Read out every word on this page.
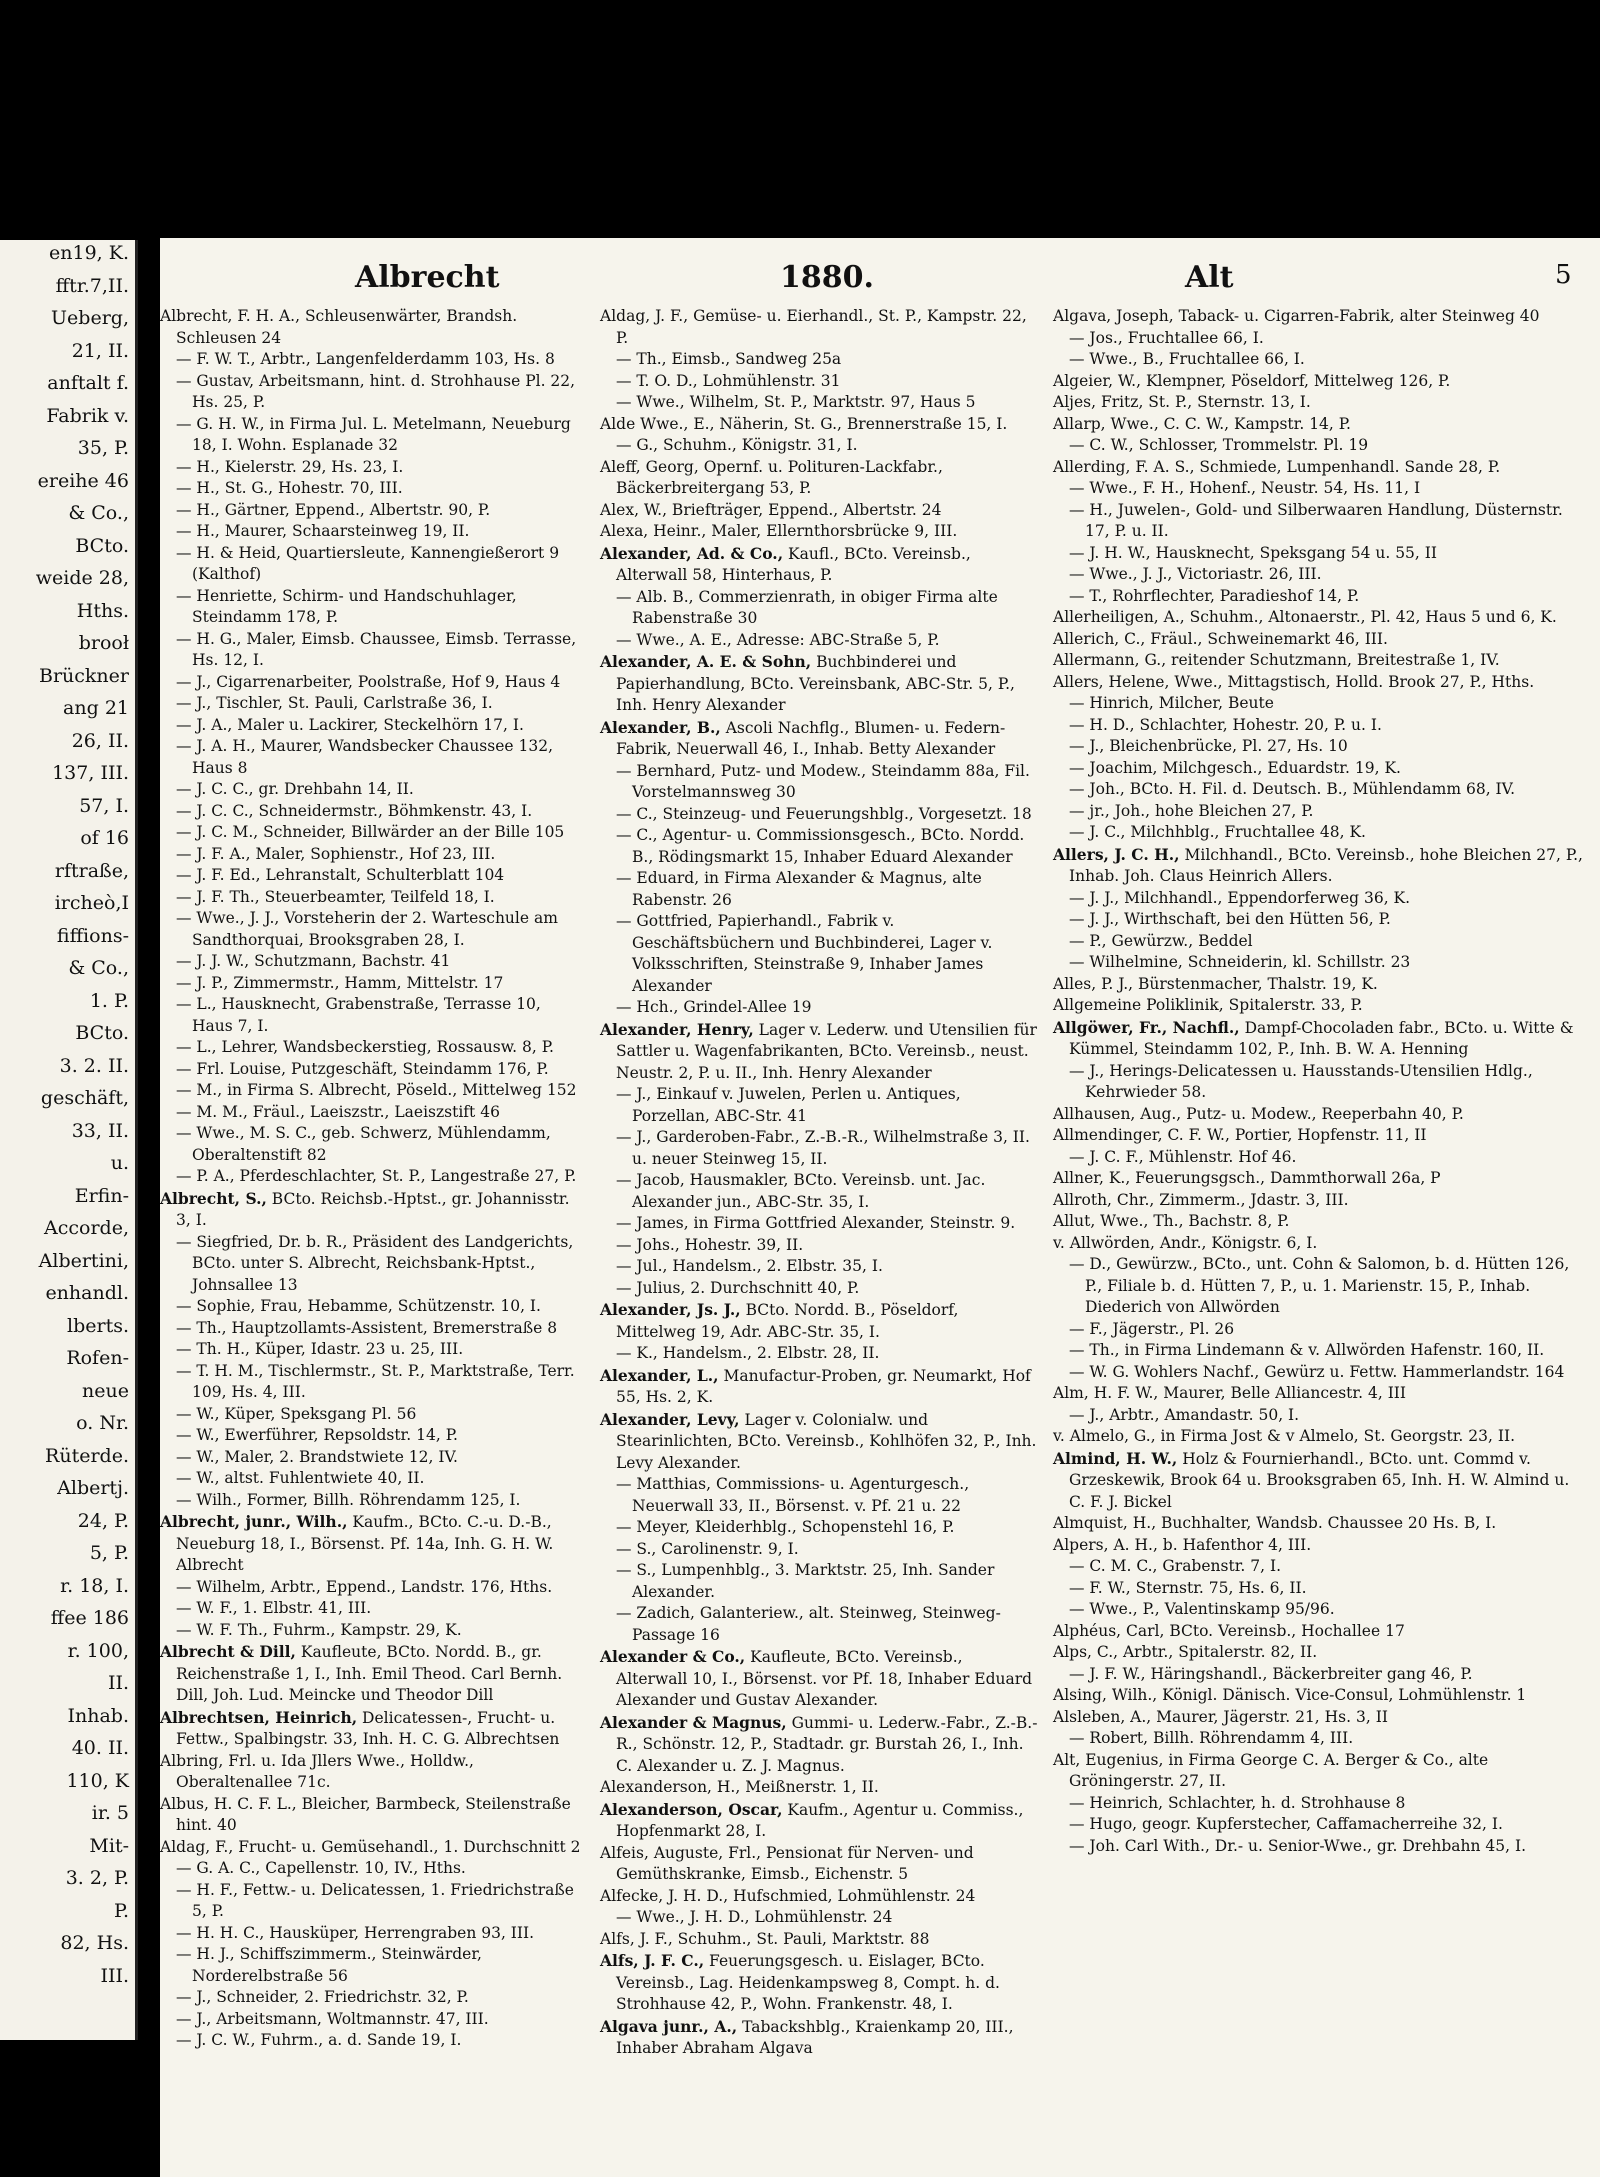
en19, K.
fftr.7,II.
Ueberg,
21, II.
anftalt f.
Fabrik v.
35, P.
ereihe 46
& Co.,
BCto.
weide 28,
Hths.
brooł
Brückner
ang 21
26, II.
137, III.
57, I.
of 16
rftraße,
ircheò,I
fiffions-
& Co.,
1. P.
BCto.
3. 2. II.
geschäft,
33, II.
u.
Erfin-
Accorde,
Albertini,
enhandl.
lberts.
Rofen-
neue
o. Nr.
Rüterde.
Albertj.
24, P.
5, P.
r. 18, I.
ffee 186
r. 100,
II.
Inhab.
40. II.
110, K
ir. 5
Mit-
3. 2, P.
P.
82, Hs.
III.
Albrecht	1880.	Alt	5
Albrecht, F. H. A., Schleusenwärter, Brandsh. Schleusen 24
— F. W. T., Arbtr., Langenfelderdamm 103, Hs. 8
— Gustav, Arbeitsmann, hint. d. Strohhause Pl. 22, Hs. 25, P.
— G. H. W., in Firma Jul. L. Metelmann, Neueburg 18, I. Wohn. Esplanade 32
— H., Kielerstr. 29, Hs. 23, I.
— H., St. G., Hohestr. 70, III.
— H., Gärtner, Eppend., Albertstr. 90, P.
— H., Maurer, Schaarsteinweg 19, II.
— H. & Heid, Quartiersleute, Kannengießerort 9 (Kalthof)
— Henriette, Schirm- und Handschuhlager, Steindamm 178, P.
— H. G., Maler, Eimsb. Chaussee, Eimsb. Terrasse, Hs. 12, I.
— J., Cigarrenarbeiter, Poolstraße, Hof 9, Haus 4
— J., Tischler, St. Pauli, Carlstraße 36, I.
— J. A., Maler u. Lackirer, Steckelhörn 17, I.
— J. A. H., Maurer, Wandsbecker Chaussee 132, Haus 8
— J. C. C., gr. Drehbahn 14, II.
— J. C. C., Schneidermstr., Böhmkenstr. 43, I.
— J. C. M., Schneider, Billwärder an der Bille 105
— J. F. A., Maler, Sophienstr., Hof 23, III.
— J. F. Ed., Lehranstalt, Schulterblatt 104
— J. F. Th., Steuerbeamter, Teilfeld 18, I.
— Wwe., J. J., Vorsteherin der 2. Warteschule am Sandthorquai, Brooksgraben 28, I.
— J. J. W., Schutzmann, Bachstr. 41
— J. P., Zimmermstr., Hamm, Mittelstr. 17
— L., Hausknecht, Grabenstraße, Terrasse 10, Haus 7, I.
— L., Lehrer, Wandsbeckerstieg, Rossausw. 8, P.
— Frl. Louise, Putzgeschäft, Steindamm 176, P.
— M., in Firma S. Albrecht, Pöseld., Mittelweg 152
— M. M., Fräul., Laeiszstr., Laeiszstift 46
— Wwe., M. S. C., geb. Schwerz, Mühlendamm, Oberaltenstift 82
— P. A., Pferdeschlachter, St. P., Langestraße 27, P.
Albrecht, S., BCto. Reichsb.-Hptst., gr. Johannisstr. 3, I.
— Siegfried, Dr. b. R., Präsident des Landgerichts, BCto. unter S. Albrecht, Reichsbank-Hptst., Johnsallee 13
— Sophie, Frau, Hebamme, Schützenstr. 10, I.
— Th., Hauptzollamts-Assistent, Bremerstraße 8
— Th. H., Küper, Idastr. 23 u. 25, III.
— T. H. M., Tischlermstr., St. P., Marktstraße, Terr. 109, Hs. 4, III.
— W., Küper, Speksgang Pl. 56
— W., Ewerführer, Repsoldstr. 14, P.
— W., Maler, 2. Brandstwiete 12, IV.
— W., altst. Fuhlentwiete 40, II.
— Wilh., Former, Billh. Röhrendamm 125, I.
Albrecht, junr., Wilh., Kaufm., BCto. C.-u. D.-B., Neueburg 18, I., Börsenst. Pf. 14a, Inh. G. H. W. Albrecht
— Wilhelm, Arbtr., Eppend., Landstr. 176, Hths.
— W. F., 1. Elbstr. 41, III.
— W. F. Th., Fuhrm., Kampstr. 29, K.
Albrecht & Dill, Kaufleute, BCto. Nordd. B., gr. Reichenstraße 1, I., Inh. Emil Theod. Carl Bernh. Dill, Joh. Lud. Meincke und Theodor Dill
Albrechtsen, Heinrich, Delicatessen-, Frucht- u. Fettw., Spalbingstr. 33, Inh. H. C. G. Albrechtsen
Albring, Frl. u. Ida Jllers Wwe., Holldw., Oberaltenallee 71c.
Albus, H. C. F. L., Bleicher, Barmbeck, Steilenstraße hint. 40
Aldag, F., Frucht- u. Gemüsehandl., 1. Durchschnitt 2
— G. A. C., Capellenstr. 10, IV., Hths.
— H. F., Fettw.- u. Delicatessen, 1. Friedrichstraße 5, P.
— H. H. C., Hausküper, Herrengraben 93, III.
— H. J., Schiffszimmerm., Steinwärder, Norderelbstraße 56
— J., Schneider, 2. Friedrichstr. 32, P.
— J., Arbeitsmann, Woltmannstr. 47, III.
— J. C. W., Fuhrm., a. d. Sande 19, I.
Aldag, J. F., Gemüse- u. Eierhandl., St. P., Kampstr. 22, P.
— Th., Eimsb., Sandweg 25a
— T. O. D., Lohmühlenstr. 31
— Wwe., Wilhelm, St. P., Marktstr. 97, Haus 5
Alde Wwe., E., Näherin, St. G., Brennerstraße 15, I.
— G., Schuhm., Königstr. 31, I.
Aleff, Georg, Opernf. u. Polituren-Lackfabr., Bäckerbreitergang 53, P.
Alex, W., Briefträger, Eppend., Albertstr. 24
Alexa, Heinr., Maler, Ellernthorsbrücke 9, III.
Alexander, Ad. & Co., Kaufl., BCto. Vereinsb., Alterwall 58, Hinterhaus, P.
— Alb. B., Commerzienrath, in obiger Firma alte Rabenstraße 30
— Wwe., A. E., Adresse: ABC-Straße 5, P.
Alexander, A. E. & Sohn, Buchbinderei und Papierhandlung, BCto. Vereinsbank, ABC-Str. 5, P., Inh. Henry Alexander
Alexander, B., Ascoli Nachflg., Blumen- u. Federn-Fabrik, Neuerwall 46, I., Inhab. Betty Alexander
— Bernhard, Putz- und Modew., Steindamm 88a, Fil. Vorstelmannsweg 30
— C., Steinzeug- und Feuerungshblg., Vorgesetzt. 18
— C., Agentur- u. Commissionsgesch., BCto. Nordd. B., Rödingsmarkt 15, Inhaber Eduard Alexander
— Eduard, in Firma Alexander & Magnus, alte Rabenstr. 26
— Gottfried, Papierhandl., Fabrik v. Geschäftsbüchern und Buchbinderei, Lager v. Volksschriften, Steinstraße 9, Inhaber James Alexander
— Hch., Grindel-Allee 19
Alexander, Henry, Lager v. Lederw. und Utensilien für Sattler u. Wagenfabrikanten, BCto. Vereinsb., neust. Neustr. 2, P. u. II., Inh. Henry Alexander
— J., Einkauf v. Juwelen, Perlen u. Antiques, Porzellan, ABC-Str. 41
— J., Garderoben-Fabr., Z.-B.-R., Wilhelmstraße 3, II. u. neuer Steinweg 15, II.
— Jacob, Hausmakler, BCto. Vereinsb. unt. Jac. Alexander jun., ABC-Str. 35, I.
— James, in Firma Gottfried Alexander, Steinstr. 9.
— Johs., Hohestr. 39, II.
— Jul., Handelsm., 2. Elbstr. 35, I.
— Julius, 2. Durchschnitt 40, P.
Alexander, Js. J., BCto. Nordd. B., Pöseldorf, Mittelweg 19, Adr. ABC-Str. 35, I.
— K., Handelsm., 2. Elbstr. 28, II.
Alexander, L., Manufactur-Proben, gr. Neumarkt, Hof 55, Hs. 2, K.
Alexander, Levy, Lager v. Colonialw. und Stearinlichten, BCto. Vereinsb., Kohlhöfen 32, P., Inh. Levy Alexander.
— Matthias, Commissions- u. Agenturgesch., Neuerwall 33, II., Börsenst. v. Pf. 21 u. 22
— Meyer, Kleiderhblg., Schopenstehl 16, P.
— S., Carolinenstr. 9, I.
— S., Lumpenhblg., 3. Marktstr. 25, Inh. Sander Alexander.
— Zadich, Galanteriew., alt. Steinweg, Steinweg-Passage 16
Alexander & Co., Kaufleute, BCto. Vereinsb., Alterwall 10, I., Börsenst. vor Pf. 18, Inhaber Eduard Alexander und Gustav Alexander.
Alexander & Magnus, Gummi- u. Lederw.-Fabr., Z.-B.-R., Schönstr. 12, P., Stadtadr. gr. Burstah 26, I., Inh. C. Alexander u. Z. J. Magnus.
Alexanderson, H., Meißnerstr. 1, II.
Alexanderson, Oscar, Kaufm., Agentur u. Commiss., Hopfenmarkt 28, I.
Alfeis, Auguste, Frl., Pensionat für Nerven- und Gemüthskranke, Eimsb., Eichenstr. 5
Alfecke, J. H. D., Hufschmied, Lohmühlenstr. 24
— Wwe., J. H. D., Lohmühlenstr. 24
Alfs, J. F., Schuhm., St. Pauli, Marktstr. 88
Alfs, J. F. C., Feuerungsgesch. u. Eislager, BCto. Vereinsb., Lag. Heidenkampsweg 8, Compt. h. d. Strohhause 42, P., Wohn. Frankenstr. 48, I.
Algava junr., A., Tabackshblg., Kraienkamp 20, III., Inhaber Abraham Algava
Algava, Joseph, Taback- u. Cigarren-Fabrik, alter Steinweg 40
— Jos., Fruchtallee 66, I.
— Wwe., B., Fruchtallee 66, I.
Algeier, W., Klempner, Pöseldorf, Mittelweg 126, P.
Aljes, Fritz, St. P., Sternstr. 13, I.
Allarp, Wwe., C. C. W., Kampstr. 14, P.
— C. W., Schlosser, Trommelstr. Pl. 19
Allerding, F. A. S., Schmiede, Lumpenhandl. Sande 28, P.
— Wwe., F. H., Hohenf., Neustr. 54, Hs. 11, I
— H., Juwelen-, Gold- und Silberwaaren Handlung, Düsternstr. 17, P. u. II.
— J. H. W., Hausknecht, Speksgang 54 u. 55, II
— Wwe., J. J., Victoriastr. 26, III.
— T., Rohrflechter, Paradieshof 14, P.
Allerheiligen, A., Schuhm., Altonaerstr., Pl. 42, Haus 5 und 6, K.
Allerich, C., Fräul., Schweinemarkt 46, III.
Allermann, G., reitender Schutzmann, Breitestraße 1, IV.
Allers, Helene, Wwe., Mittagstisch, Holld. Brook 27, P., Hths.
— Hinrich, Milcher, Beute
— H. D., Schlachter, Hohestr. 20, P. u. I.
— J., Bleichenbrücke, Pl. 27, Hs. 10
— Joachim, Milchgesch., Eduardstr. 19, K.
— Joh., BCto. H. Fil. d. Deutsch. B., Mühlendamm 68, IV.
— jr., Joh., hohe Bleichen 27, P.
— J. C., Milchhblg., Fruchtallee 48, K.
Allers, J. C. H., Milchhandl., BCto. Vereinsb., hohe Bleichen 27, P., Inhab. Joh. Claus Heinrich Allers.
— J. J., Milchhandl., Eppendorferweg 36, K.
— J. J., Wirthschaft, bei den Hütten 56, P.
— P., Gewürzw., Beddel
— Wilhelmine, Schneiderin, kl. Schillstr. 23
Alles, P. J., Bürstenmacher, Thalstr. 19, K.
Allgemeine Poliklinik, Spitalerstr. 33, P.
Allgöwer, Fr., Nachfl., Dampf-Chocoladen fabr., BCto. u. Witte & Kümmel, Steindamm 102, P., Inh. B. W. A. Henning
— J., Herings-Delicatessen u. Hausstands-Utensilien Hdlg., Kehrwieder 58.
Allhausen, Aug., Putz- u. Modew., Reeperbahn 40, P.
Allmendinger, C. F. W., Portier, Hopfenstr. 11, II
— J. C. F., Mühlenstr. Hof 46.
Allner, K., Feuerungsgsch., Dammthorwall 26a, P
Allroth, Chr., Zimmerm., Jdastr. 3, III.
Allut, Wwe., Th., Bachstr. 8, P.
v. Allwörden, Andr., Königstr. 6, I.
— D., Gewürzw., BCto., unt. Cohn & Salomon, b. d. Hütten 126, P., Filiale b. d. Hütten 7, P., u. 1. Marienstr. 15, P., Inhab. Diederich von Allwörden
— F., Jägerstr., Pl. 26
— Th., in Firma Lindemann & v. Allwörden Hafenstr. 160, II.
— W. G. Wohlers Nachf., Gewürz u. Fettw. Hammerlandstr. 164
Alm, H. F. W., Maurer, Belle Alliancestr. 4, III
— J., Arbtr., Amandastr. 50, I.
v. Almelo, G., in Firma Jost & v Almelo, St. Georgstr. 23, II.
Almind, H. W., Holz & Fournierhandl., BCto. unt. Commd v. Grzeskewik, Brook 64 u. Brooksgraben 65, Inh. H. W. Almind u. C. F. J. Bickel
Almquist, H., Buchhalter, Wandsb. Chaussee 20 Hs. B, I.
Alpers, A. H., b. Hafenthor 4, III.
— C. M. C., Grabenstr. 7, I.
— F. W., Sternstr. 75, Hs. 6, II.
— Wwe., P., Valentinskamp 95/96.
Alphéus, Carl, BCto. Vereinsb., Hochallee 17
Alps, C., Arbtr., Spitalerstr. 82, II.
— J. F. W., Häringshandl., Bäckerbreiter gang 46, P.
Alsing, Wilh., Königl. Dänisch. Vice-Consul, Lohmühlenstr. 1
Alsleben, A., Maurer, Jägerstr. 21, Hs. 3, II
— Robert, Billh. Röhrendamm 4, III.
Alt, Eugenius, in Firma George C. A. Berger & Co., alte Gröningerstr. 27, II.
— Heinrich, Schlachter, h. d. Strohhause 8
— Hugo, geogr. Kupferstecher, Caffamacherreihe 32, I.
— Joh. Carl With., Dr.- u. Senior-Wwe., gr. Drehbahn 45, I.
